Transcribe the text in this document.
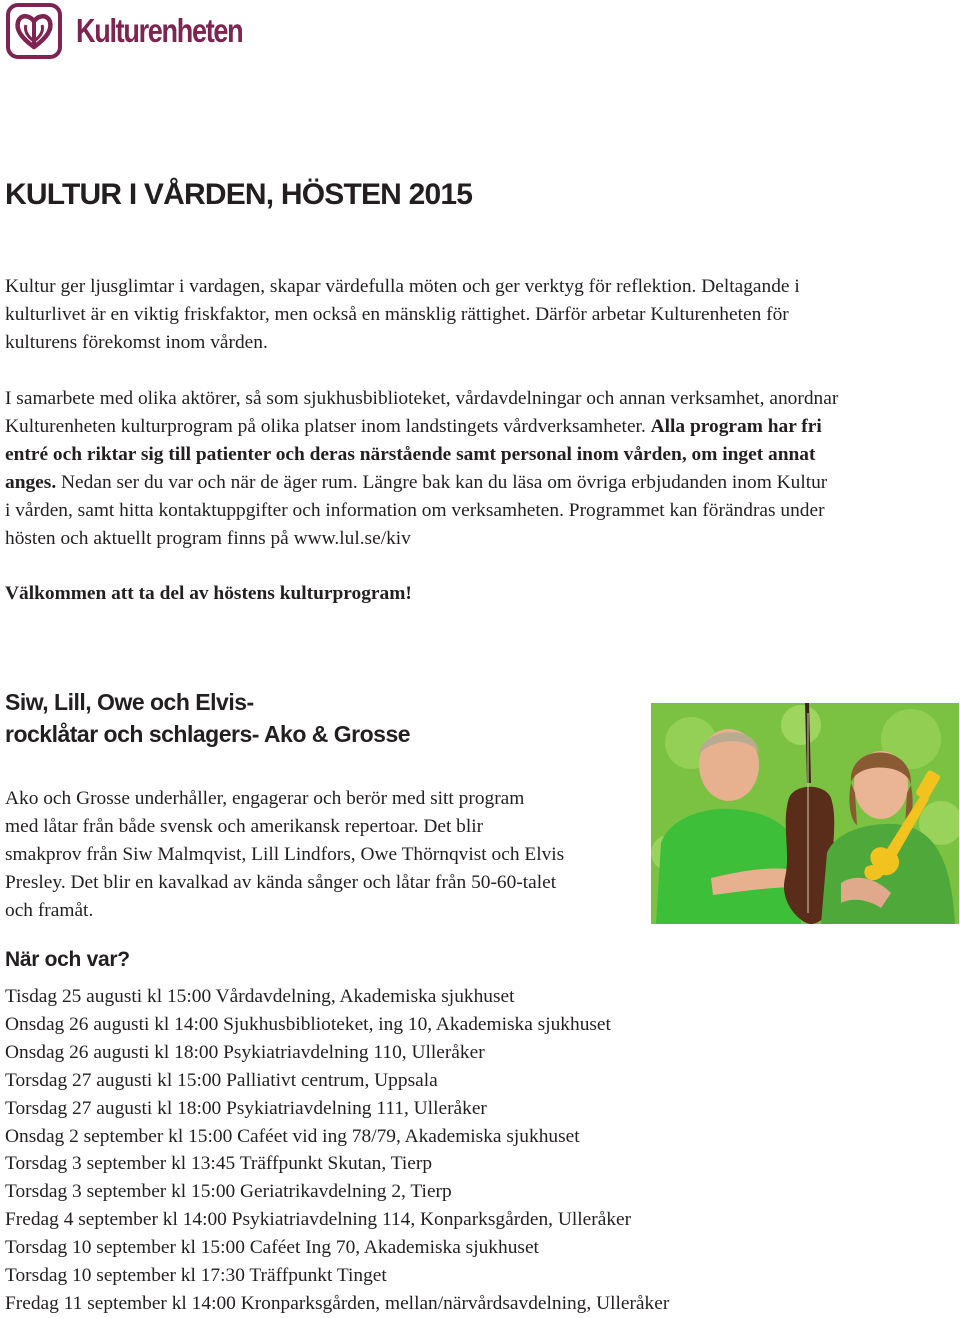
Kulturenheten
KULTUR I VÅRDEN, HÖSTEN 2015
Kultur ger ljusglimtar i vardagen, skapar värdefulla möten och ger verktyg för reflektion. Deltagande i
kulturlivet är en viktig friskfaktor, men också en mänsklig rättighet. Därför arbetar Kulturenheten för
kulturens förekomst inom vården.
I samarbete med olika aktörer, så som sjukhusbiblioteket, vårdavdelningar och annan verksamhet, anordnar
Kulturenheten kulturprogram på olika platser inom landstingets vårdverksamheter. Alla program har fri
entré och riktar sig till patienter och deras närstående samt personal inom vården, om inget annat
anges. Nedan ser du var och när de äger rum. Längre bak kan du läsa om övriga erbjudanden inom Kultur
i vården, samt hitta kontaktuppgifter och information om verksamheten. Programmet kan förändras under
hösten och aktuellt program finns på www.lul.se/kiv
Välkommen att ta del av höstens kulturprogram!
Siw, Lill, Owe och Elvis-
rocklåtar och schlagers- Ako & Grosse
Ako och Grosse underhåller, engagerar och berör med sitt program
med låtar från både svensk och amerikansk repertoar. Det blir
smakprov från Siw Malmqvist, Lill Lindfors, Owe Thörnqvist och Elvis
Presley. Det blir en kavalkad av kända sånger och låtar från 50-60-talet
och framåt.
När och var?
Tisdag 25 augusti kl 15:00 Vårdavdelning, Akademiska sjukhuset
Onsdag 26 augusti kl 14:00 Sjukhusbiblioteket, ing 10, Akademiska sjukhuset
Onsdag 26 augusti kl 18:00 Psykiatriavdelning 110, Ulleråker
Torsdag 27 augusti kl 15:00 Palliativt centrum, Uppsala
Torsdag 27 augusti kl 18:00 Psykiatriavdelning 111, Ulleråker
Onsdag 2 september kl 15:00 Caféet vid ing 78/79, Akademiska sjukhuset
Torsdag 3 september kl 13:45 Träffpunkt Skutan, Tierp
Torsdag 3 september kl 15:00 Geriatrikavdelning 2, Tierp
Fredag 4 september kl 14:00 Psykiatriavdelning 114, Konparksgården, Ulleråker
Torsdag 10 september kl 15:00 Caféet Ing 70, Akademiska sjukhuset
Torsdag 10 september kl 17:30 Träffpunkt Tinget
Fredag 11 september kl 14:00 Kronparksgården, mellan/närvårdsavdelning, Ulleråker
